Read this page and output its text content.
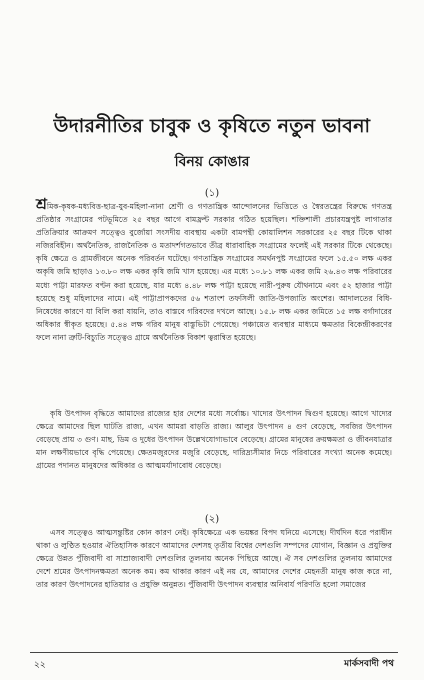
উদারনীতির চাবুক ও কৃষিতে নতুন ভাবনা
বিনয় কোঙার
(১)

শ্রমিক-কৃষক-মধ্যবিত্ত-ছাত্র-যুব-মহিলা-নানা শ্রেণী ও গণতান্ত্রিক আন্দোলনের ভিত্তিতে ও স্বৈরতন্ত্রের বিরুদ্ধে গণতন্ত্র প্রতিষ্ঠার সংগ্রামের পটভূমিতে ২৫ বছর আগে বামফ্রন্ট সরকার গঠিত হয়েছিল। শক্তিশালী প্রচারযন্ত্রপুষ্ট লাগাতার প্রতিক্রিয়ার আক্রমণ সত্ত্বেও বুর্জোয়া সংসদীয় ব্যবস্থায় একটা বামপন্থী কোয়ালিশন সরকারের ২৫ বছর টিকে থাকা নজিরবিহীন। অর্থনৈতিক, রাজনৈতিক ও মতাদর্শগতভাবে তীব্র ধারাবাহিক সংগ্রামের ফলেই এই সরকার টিকে থেকেছে। কৃষি ক্ষেত্রে ও গ্রামজীবনে অনেক পরিবর্তন ঘটেছে। গণতান্ত্রিক সংগ্রামের সমর্থনপুষ্ট সংগ্রামের ফলে ১৫.৫০ লক্ষ একর অকৃষি জমি ছাড়াও ১৩.৮০ লক্ষ একর কৃষি জমি খাস হয়েছে। এর মধ্যে ১০.৮১ লক্ষ একর জমি ২৬.৪৩ লক্ষ পরিবারের মধ্যে পাট্টা মারফত বণ্টন করা হয়েছে, যার মধ্যে ৪.৪৮ লক্ষ পাট্টা হয়েছে নারী-পুরুষ যৌথনামে এবং ৫২ হাজার পাট্টা হয়েছে শুধু মহিলাদের নামে। এই পাট্টাপ্রাপকদের ৫৬ শতাংশ তফসিলী জাতি-উপজাতি অংশের। আদালতের বিধি-নিষেধের কারণে যা বিলি করা যায়নি, তাও বাস্তবে গরিবদের দখলে আছে। ১৫.৮ লক্ষ একর জমিতে ১৫ লক্ষ বর্গাদারের অধিকার স্বীকৃত হয়েছে। ৫.৪৪ লক্ষ গরিব মানুষ বাস্তুভিটা পেয়েছে। পঞ্চায়েত ব্যবস্থার মাধ্যমে ক্ষমতার বিকেন্দ্রীকরণের ফলে নানা ত্রুটি-বিচ্যুতি সত্ত্বেও গ্রামে অর্থনৈতিক বিকাশ ত্বরান্বিত হয়েছে।

কৃষি উৎপাদন বৃদ্ধিতে আমাদের রাজ্যের হার দেশের মধ্যে সর্বোচ্চ। খাদ্যের উৎপাদন দ্বিগুণ হয়েছে। আগে খাদ্যের ক্ষেত্রে আমাদের ছিল ঘাটতি রাজ্য, এখন আমরা বাড়তি রাজ্য। আলুর উৎপাদন ৪ গুণ বেড়েছে, সবজির উৎপাদন বেড়েছে প্রায় ৩ গুণ। মাছ, ডিম ও দুধের উৎপাদন উল্লেখযোগ্যভাবে বেড়েছে। গ্রামের মানুষের ক্রয়ক্ষমতা ও জীবনযাত্রার মান লক্ষণীয়ভাবে বৃদ্ধি পেয়েছে। ক্ষেতমজুরদের মজুরি বেড়েছে, দারিদ্র্যসীমার নিচে পরিবারের সংখ্যা অনেক কমেছে। গ্রামের পদানত মানুষদের অধিকার ও আত্মমর্যাদাবোধ বেড়েছে।

(২)

এসব সত্ত্বেও আত্মসন্তুষ্টির কোন কারণ নেই। কৃষিক্ষেত্রে এক ভয়ঙ্কর বিপদ ঘনিয়ে এসেছে। দীর্ঘদিন ধরে পরাধীন থাকা ও লুণ্ঠিত হওয়ার ঐতিহাসিক কারণে আমাদের দেশসহ তৃতীয় বিশ্বের দেশগুলি সম্পদের যোগান, বিজ্ঞান ও প্রযুক্তির ক্ষেত্রে উন্নত পুঁজিবাদী বা সাম্রাজ্যবাদী দেশগুলির তুলনায় অনেক পিছিয়ে আছে। ঐ সব দেশগুলির তুলনায় আমাদের দেশে শ্রমের উৎপাদনক্ষমতা অনেক কম। কম থাকার কারণ এই নয় যে, আমাদের দেশের মেহনতী মানুষ কাজ করে না, তার কারণ উৎপাদনের হাতিয়ার ও প্রযুক্তি অনুন্নত। পুঁজিবাদী উৎপাদন ব্যবস্থার অনিবার্য পরিণতি হলো সমাজের

২২	মার্কসবাদী পথ
